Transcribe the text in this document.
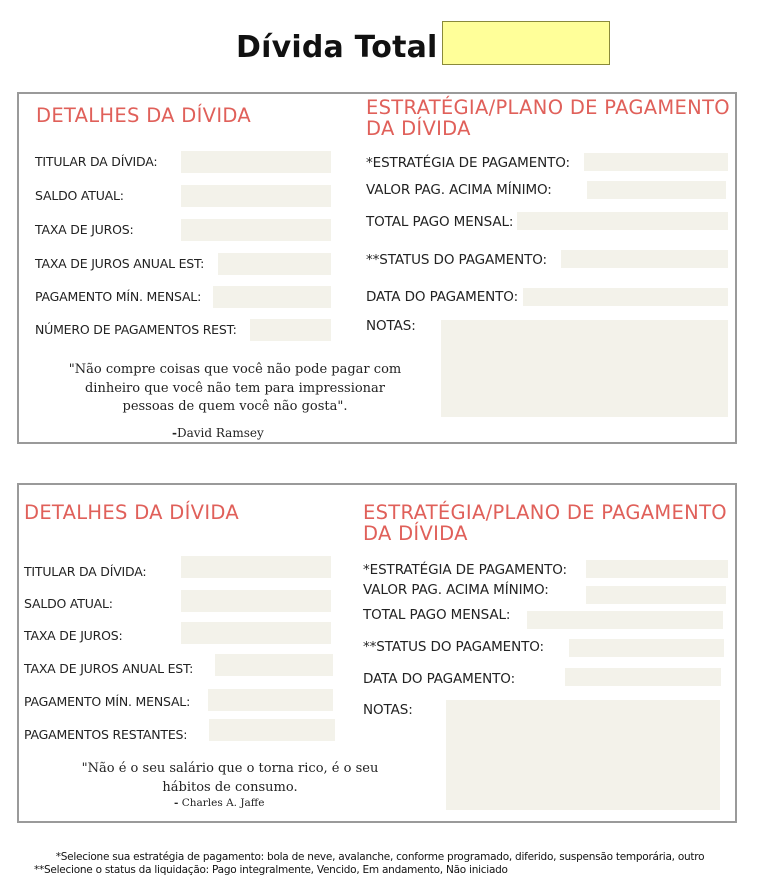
Dívida Total
DETALHES DA DÍVIDA	ESTRATÉGIA/PLANO DE PAGAMENTO
DA DÍVIDA
TITULAR DA DÍVIDA:
SALDO ATUAL:
TAXA DE JUROS:
TAXA DE JUROS ANUAL EST:
PAGAMENTO MÍN. MENSAL:
NÚMERO DE PAGAMENTOS REST:
*ESTRATÉGIA DE PAGAMENTO:
VALOR PAG. ACIMA MÍNIMO:
TOTAL PAGO MENSAL:
**STATUS DO PAGAMENTO:
DATA DO PAGAMENTO:
NOTAS:
"Não compre coisas que você não pode pagar com
dinheiro que você não tem para impressionar
pessoas de quem você não gosta".
-David Ramsey
DETALHES DA DÍVIDA	ESTRATÉGIA/PLANO DE PAGAMENTO
DA DÍVIDA
TITULAR DA DÍVIDA:
SALDO ATUAL:
TAXA DE JUROS:
TAXA DE JUROS ANUAL EST:
PAGAMENTO MÍN. MENSAL:
PAGAMENTOS RESTANTES:
*ESTRATÉGIA DE PAGAMENTO:
VALOR PAG. ACIMA MÍNIMO:
TOTAL PAGO MENSAL:
**STATUS DO PAGAMENTO:
DATA DO PAGAMENTO:
NOTAS:
"Não é o seu salário que o torna rico, é o seu
hábitos de consumo.
- Charles A. Jaffe
*Selecione sua estratégia de pagamento: bola de neve, avalanche, conforme programado, diferido, suspensão temporária, outro
**Selecione o status da liquidação: Pago integralmente, Vencido, Em andamento, Não iniciado
